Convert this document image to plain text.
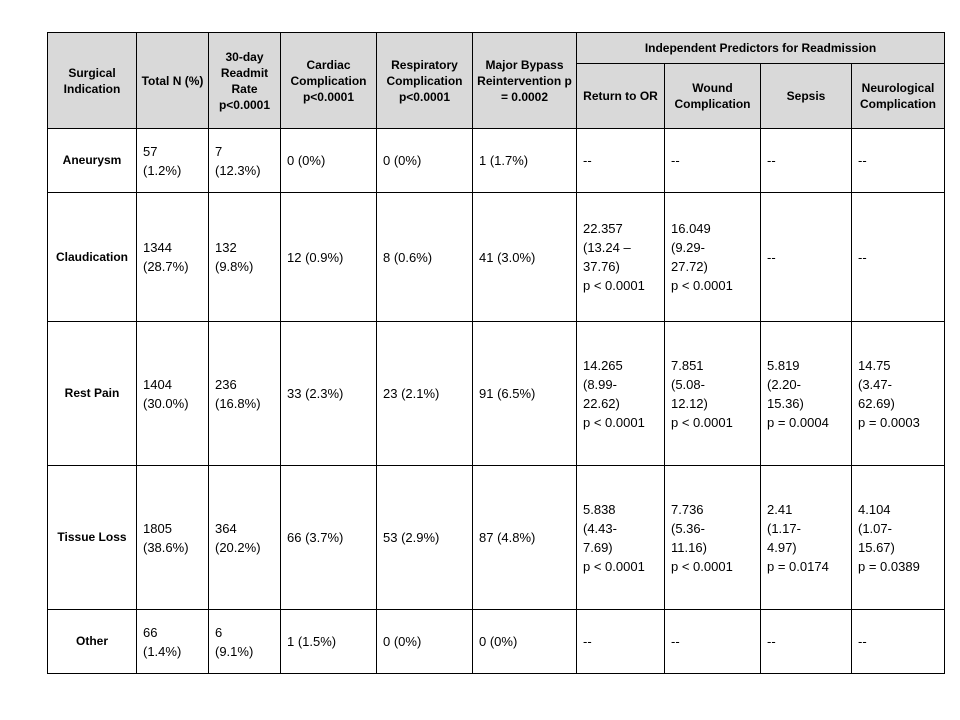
Surgical Indication	Total N (%)	30-day Readmit Rate p<0.0001	Cardiac Complication p<0.0001	Respiratory Complication p<0.0001	Major Bypass Reintervention p = 0.0002	Independent Predictors for Readmission			
						Return to OR	Wound Complication	Sepsis	Neurological Complication
Aneurysm	57
(1.2%)	7
(12.3%)	0 (0%)	0 (0%)	1 (1.7%)	--	--	--	--
Claudication	1344
(28.7%)	132
(9.8%)	12 (0.9%)	8 (0.6%)	41 (3.0%)	22.357
(13.24 –
37.76)
p < 0.0001	16.049
(9.29-
27.72)
p < 0.0001	--	--
Rest Pain	1404
(30.0%)	236
(16.8%)	33 (2.3%)	23 (2.1%)	91 (6.5%)	14.265
(8.99-
22.62)
p < 0.0001	7.851
(5.08-
12.12)
p < 0.0001	5.819
(2.20-
15.36)
p = 0.0004	14.75
(3.47-
62.69)
p = 0.0003
Tissue Loss	1805
(38.6%)	364
(20.2%)	66 (3.7%)	53 (2.9%)	87 (4.8%)	5.838
(4.43-
7.69)
p < 0.0001	7.736
(5.36-
11.16)
p < 0.0001	2.41
(1.17-
4.97)
p = 0.0174	4.104
(1.07-
15.67)
p = 0.0389
Other	66
(1.4%)	6
(9.1%)	1 (1.5%)	0 (0%)	0 (0%)	--	--	--	--
